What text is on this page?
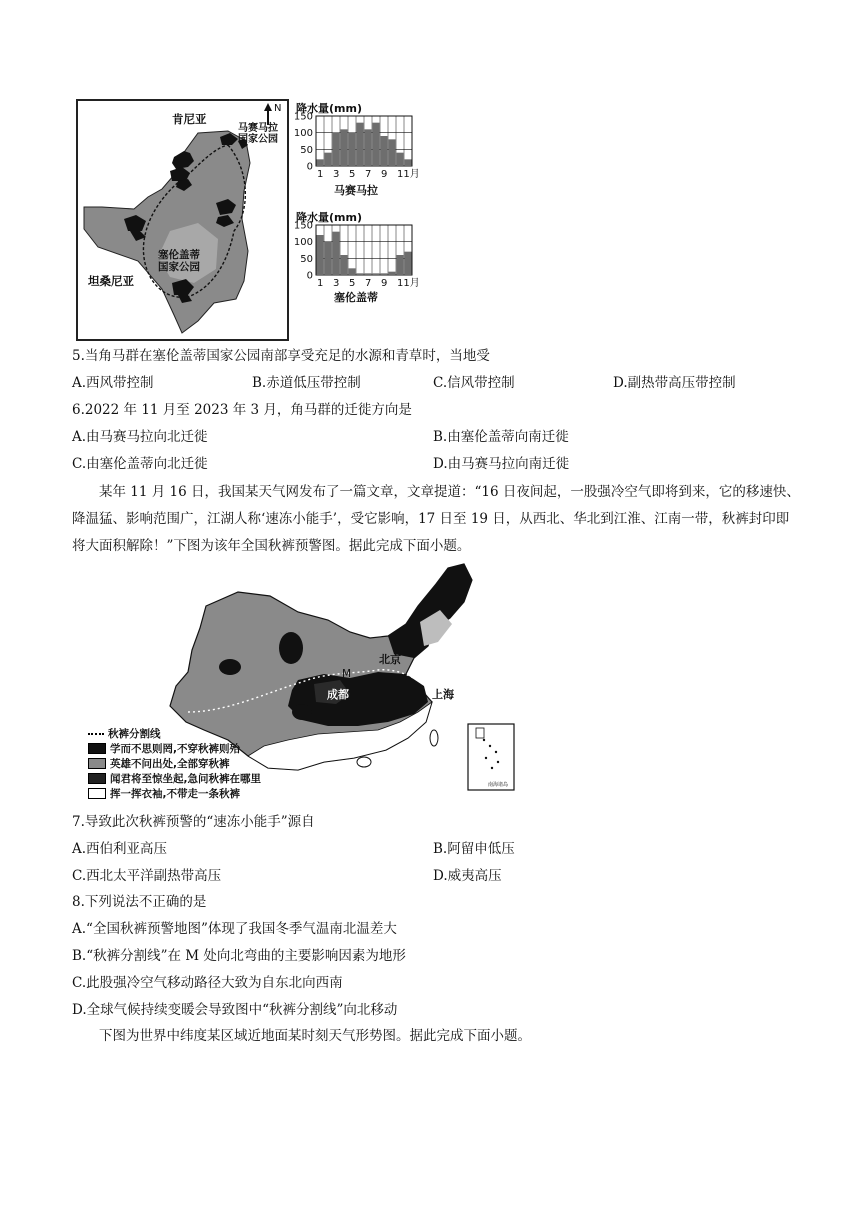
肯尼亚
N
马赛马拉
国家公园
塞伦盖蒂
国家公园
坦桑尼亚
降水量(mm)
150
100
50
0
1 3 5 7 9 11月
马赛马拉
降水量(mm)
150
100
50
0
1 3 5 7 9 11月
塞伦盖蒂
5.当角马群在塞伦盖蒂国家公园南部享受充足的水源和青草时，当地受
A.西风带控制	B.赤道低压带控制	C.信风带控制	D.副热带高压带控制
6.2022 年 11 月至 2023 年 3 月，角马群的迁徙方向是
A.由马赛马拉向北迁徙	B.由塞伦盖蒂向南迁徙
C.由塞伦盖蒂向北迁徙	D.由马赛马拉向南迁徙
某年 11 月 16 日，我国某天气网发布了一篇文章，文章提道：“16 日夜间起，一股强冷空气即将到来，它的移速快、降温猛、影响范围广，江湖人称‘速冻小能手’，受它影响，17 日至 19 日，从西北、华北到江淮、江南一带，秋裤封印即将大面积解除！”下图为该年全国秋裤预警图。据此完成下面小题。
北京
M
成都	上海
南海诸岛
秋裤分割线
学而不思则罔,不穿秋裤则殆
英雄不问出处,全部穿秋裤
闻君将至惊坐起,急问秋裤在哪里
挥一挥衣袖,不带走一条秋裤
7.导致此次秋裤预警的“速冻小能手”源自
A.西伯利亚高压	B.阿留申低压
C.西北太平洋副热带高压	D.威夷高压
8.下列说法不正确的是
A.“全国秋裤预警地图”体现了我国冬季气温南北温差大
B.“秋裤分割线”在 M 处向北弯曲的主要影响因素为地形
C.此股强冷空气移动路径大致为自东北向西南
D.全球气候持续变暖会导致图中“秋裤分割线”向北移动
下图为世界中纬度某区域近地面某时刻天气形势图。据此完成下面小题。
